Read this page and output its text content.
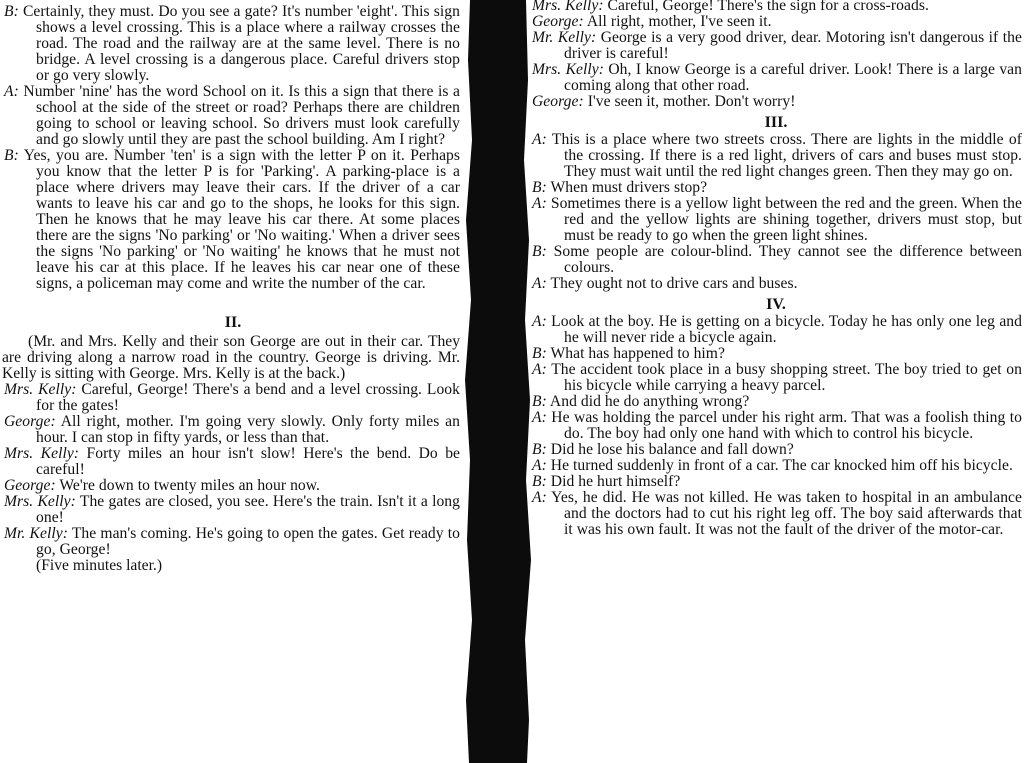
B: Certainly, they must. Do you see a gate? It's number 'eight'. This sign shows a level crossing. This is a place where a railway crosses the road. The road and the railway are at the same level. There is no bridge. A level crossing is a dangerous place. Careful drivers stop or go very slowly.

A: Number 'nine' has the word School on it. Is this a sign that there is a school at the side of the street or road? Perhaps there are children going to school or leaving school. So drivers must look carefully and go slowly until they are past the school building. Am I right?

B: Yes, you are. Number 'ten' is a sign with the letter P on it. Perhaps you know that the letter P is for 'Parking'. A parking-place is a place where drivers may leave their cars. If the driver of a car wants to leave his car and go to the shops, he looks for this sign. Then he knows that he may leave his car there. At some places there are the signs 'No parking' or 'No waiting.' When a driver sees the signs 'No parking' or 'No waiting' he knows that he must not leave his car at this place. If he leaves his car near one of these signs, a policeman may come and write the number of the car.

II.

(Mr. and Mrs. Kelly and their son George are out in their car. They are driving along a narrow road in the country. George is driving. Mr. Kelly is sitting with George. Mrs. Kelly is at the back.)

Mrs. Kelly: Careful, George! There's a bend and a level crossing. Look for the gates!

George: All right, mother. I'm going very slowly. Only forty miles an hour. I can stop in fifty yards, or less than that.

Mrs. Kelly: Forty miles an hour isn't slow! Here's the bend. Do be careful!

George: We're down to twenty miles an hour now.

Mrs. Kelly: The gates are closed, you see. Here's the train. Isn't it a long one!

Mr. Kelly: The man's coming. He's going to open the gates. Get ready to go, George!

(Five minutes later.)

Mrs. Kelly: Careful, George! There's the sign for a cross-roads.

George: All right, mother, I've seen it.

Mr. Kelly: George is a very good driver, dear. Motoring isn't dangerous if the driver is careful!

Mrs. Kelly: Oh, I know George is a careful driver. Look! There is a large van coming along that other road.

George: I've seen it, mother. Don't worry!

III.

A: This is a place where two streets cross. There are lights in the middle of the crossing. If there is a red light, drivers of cars and buses must stop. They must wait until the red light changes green. Then they may go on.

B: When must drivers stop?

A: Sometimes there is a yellow light between the red and the green. When the red and the yellow lights are shining together, drivers must stop, but must be ready to go when the green light shines.

B: Some people are colour-blind. They cannot see the difference between colours.

A: They ought not to drive cars and buses.

IV.

A: Look at the boy. He is getting on a bicycle. Today he has only one leg and he will never ride a bicycle again.

B: What has happened to him?

A: The accident took place in a busy shopping street. The boy tried to get on his bicycle while carrying a heavy parcel.

B: And did he do anything wrong?

A: He was holding the parcel under his right arm. That was a foolish thing to do. The boy had only one hand with which to control his bicycle.

B: Did he lose his balance and fall down?

A: He turned suddenly in front of a car. The car knocked him off his bicycle.

B: Did he hurt himself?

A: Yes, he did. He was not killed. He was taken to hospital in an ambulance and the doctors had to cut his right leg off. The boy said afterwards that it was his own fault. It was not the fault of the driver of the motor-car.
